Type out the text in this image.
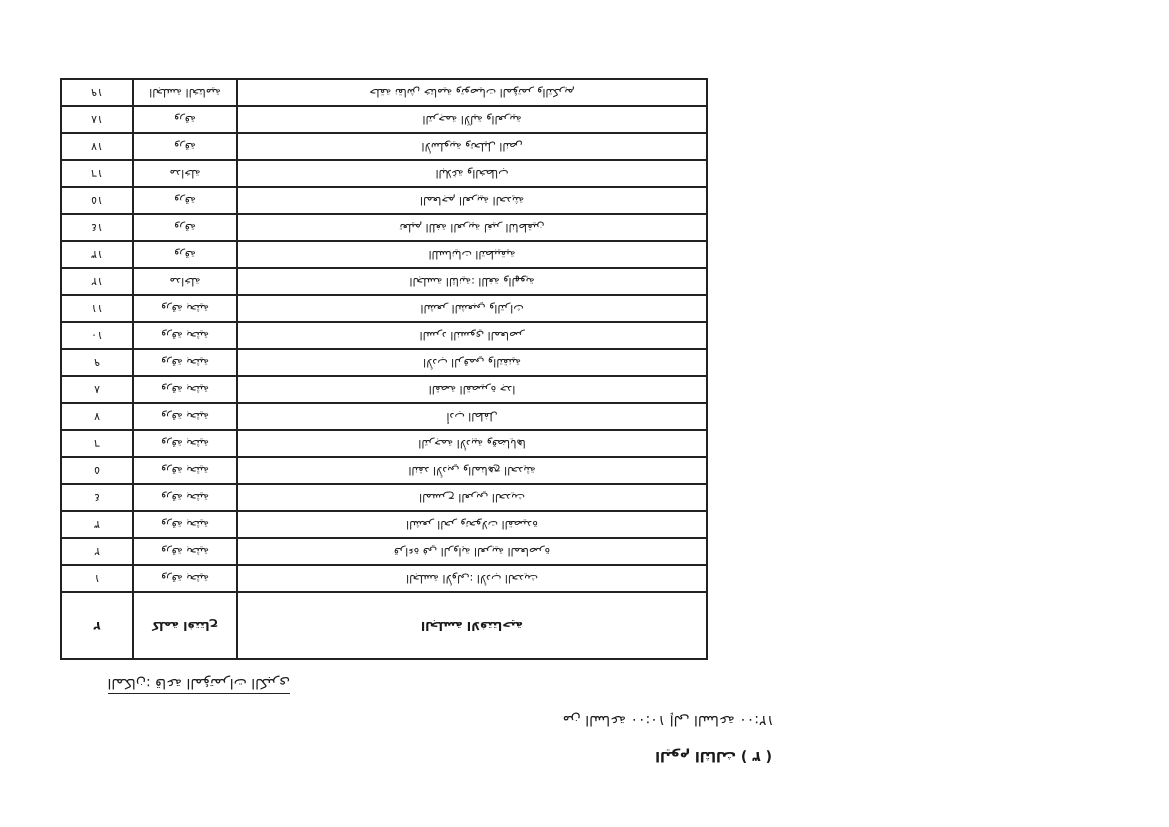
الجلسة الافتتاحية	كلمة افتتاح	٢
الجلسة الأولى: الأدب الحديث	ورقة بحثية	١
قراءة في الرواية العربية المعاصرة	ورقة بحثية	٢
الشعر الحر وتحولات القصيدة	ورقة بحثية	٣
المسرح العربي الحديث	ورقة بحثية	٤
النقد الأدبي والمناهج الحديثة	ورقة بحثية	٥
الترجمة الأدبية وقضاياها	ورقة بحثية	٦
أدب الطفل	ورقة بحثية	٧
القصة القصيرة جدا	ورقة بحثية	٨
الأدب الرقمي والتقنية	ورقة بحثية	٩
السرد النسوي المعاصر	ورقة بحثية	١٠
الشعر الشعبي والتراث	ورقة بحثية	١١
الجلسة الثانية: اللغة والهوية	مداخلة	١٢
اللسانيات التطبيقية	ورقة	١٣
تعليم اللغة العربية لغير الناطقين	ورقة	١٤
المعاجم العربية الحديثة	ورقة	١٥
البلاغة والخطاب	مداخلة	١٦
الأسلوبية وتحليل النص	ورقة	١٧
الترجمة الآلية والعربية	ورقة	١٨
حلقة نقاش ختامية وتوصيات المؤتمر والتكريم	الجلسة الختامية	١٩
( ٣ ) اليوم الثالث
من الساعة ١٠:٠٠ إلى الساعة ١٢:٠٠
المكان: قاعة المؤتمرات الكبرى
